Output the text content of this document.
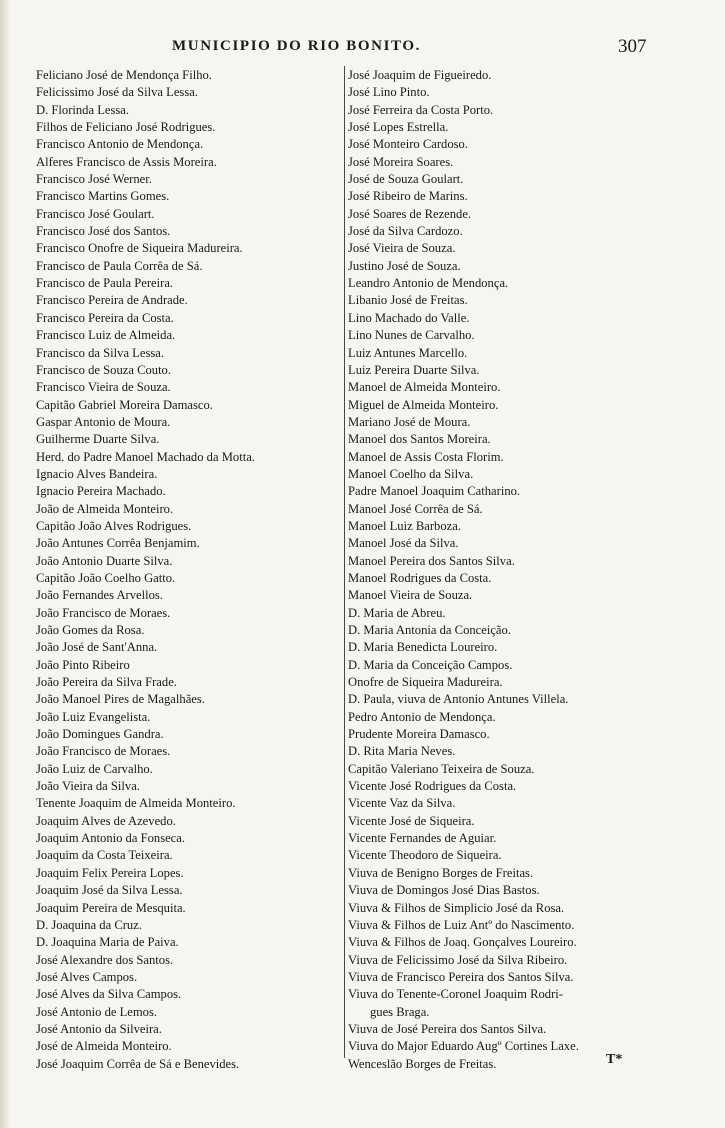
MUNICIPIO DO RIO BONITO.	307
Feliciano José de Mendonça Filho.
Felicissimo José da Silva Lessa.
D. Florinda Lessa.
Filhos de Feliciano José Rodrigues.
Francisco Antonio de Mendonça.
Alferes Francisco de Assis Moreira.
Francisco José Werner.
Francisco Martins Gomes.
Francisco José Goulart.
Francisco José dos Santos.
Francisco Onofre de Siqueira Madureira.
Francisco de Paula Corrêa de Sá.
Francisco de Paula Pereira.
Francisco Pereira de Andrade.
Francisco Pereira da Costa.
Francisco Luiz de Almeida.
Francisco da Silva Lessa.
Francisco de Souza Couto.
Francisco Vieira de Souza.
Capitão Gabriel Moreira Damasco.
Gaspar Antonio de Moura.
Guilherme Duarte Silva.
Herd. do Padre Manoel Machado da Motta.
Ignacio Alves Bandeira.
Ignacio Pereira Machado.
João de Almeida Monteiro.
Capitão João Alves Rodrigues.
João Antunes Corrêa Benjamim.
João Antonio Duarte Silva.
Capitão João Coelho Gatto.
João Fernandes Arvellos.
João Francisco de Moraes.
João Gomes da Rosa.
João José de Sant'Anna.
João Pinto Ribeiro
João Pereira da Silva Frade.
João Manoel Pires de Magalhães.
João Luiz Evangelista.
João Domingues Gandra.
João Francisco de Moraes.
João Luiz de Carvalho.
João Vieira da Silva.
Tenente Joaquim de Almeida Monteiro.
Joaquim Alves de Azevedo.
Joaquim Antonio da Fonseca.
Joaquim da Costa Teixeira.
Joaquim Felix Pereira Lopes.
Joaquim José da Silva Lessa.
Joaquim Pereira de Mesquita.
D. Joaquina da Cruz.
D. Joaquina Maria de Paiva.
José Alexandre dos Santos.
José Alves Campos.
José Alves da Silva Campos.
José Antonio de Lemos.
José Antonio da Silveira.
José de Almeida Monteiro.
José Joaquim Corrêa de Sá e Benevides.
José Joaquim de Figueiredo.
José Lino Pinto.
José Ferreira da Costa Porto.
José Lopes Estrella.
José Monteiro Cardoso.
José Moreira Soares.
José de Souza Goulart.
José Ribeiro de Marins.
José Soares de Rezende.
José da Silva Cardozo.
José Vieira de Souza.
Justino José de Souza.
Leandro Antonio de Mendonça.
Libanio José de Freitas.
Lino Machado do Valle.
Lino Nunes de Carvalho.
Luiz Antunes Marcello.
Luiz Pereira Duarte Silva.
Manoel de Almeida Monteiro.
Miguel de Almeida Monteiro.
Mariano José de Moura.
Manoel dos Santos Moreira.
Manoel de Assis Costa Florim.
Manoel Coelho da Silva.
Padre Manoel Joaquim Catharino.
Manoel José Corrêa de Sá.
Manoel Luiz Barboza.
Manoel José da Silva.
Manoel Pereira dos Santos Silva.
Manoel Rodrigues da Costa.
Manoel Vieira de Souza.
D. Maria de Abreu.
D. Maria Antonia da Conceição.
D. Maria Benedicta Loureiro.
D. Maria da Conceição Campos.
Onofre de Siqueira Madureira.
D. Paula, viuva de Antonio Antunes Villela.
Pedro Antonio de Mendonça.
Prudente Moreira Damasco.
D. Rita Maria Neves.
Capitão Valeriano Teixeira de Souza.
Vicente José Rodrigues da Costa.
Vicente Vaz da Silva.
Vicente José de Siqueira.
Vicente Fernandes de Aguiar.
Vicente Theodoro de Siqueira.
Viuva de Benigno Borges de Freitas.
Viuva de Domingos José Dias Bastos.
Viuva & Filhos de Simplicio José da Rosa.
Viuva & Filhos de Luiz Antº do Nascimento.
Viuva & Filhos de Joaq. Gonçalves Loureiro.
Viuva de Felicissimo José da Silva Ribeiro.
Viuva de Francisco Pereira dos Santos Silva.
Viuva do Tenente-Coronel Joaquim Rodri-
gues Braga.
Viuva de José Pereira dos Santos Silva.
Viuva do Major Eduardo Augº Cortines Laxe.
Wenceslão Borges de Freitas.	T*
